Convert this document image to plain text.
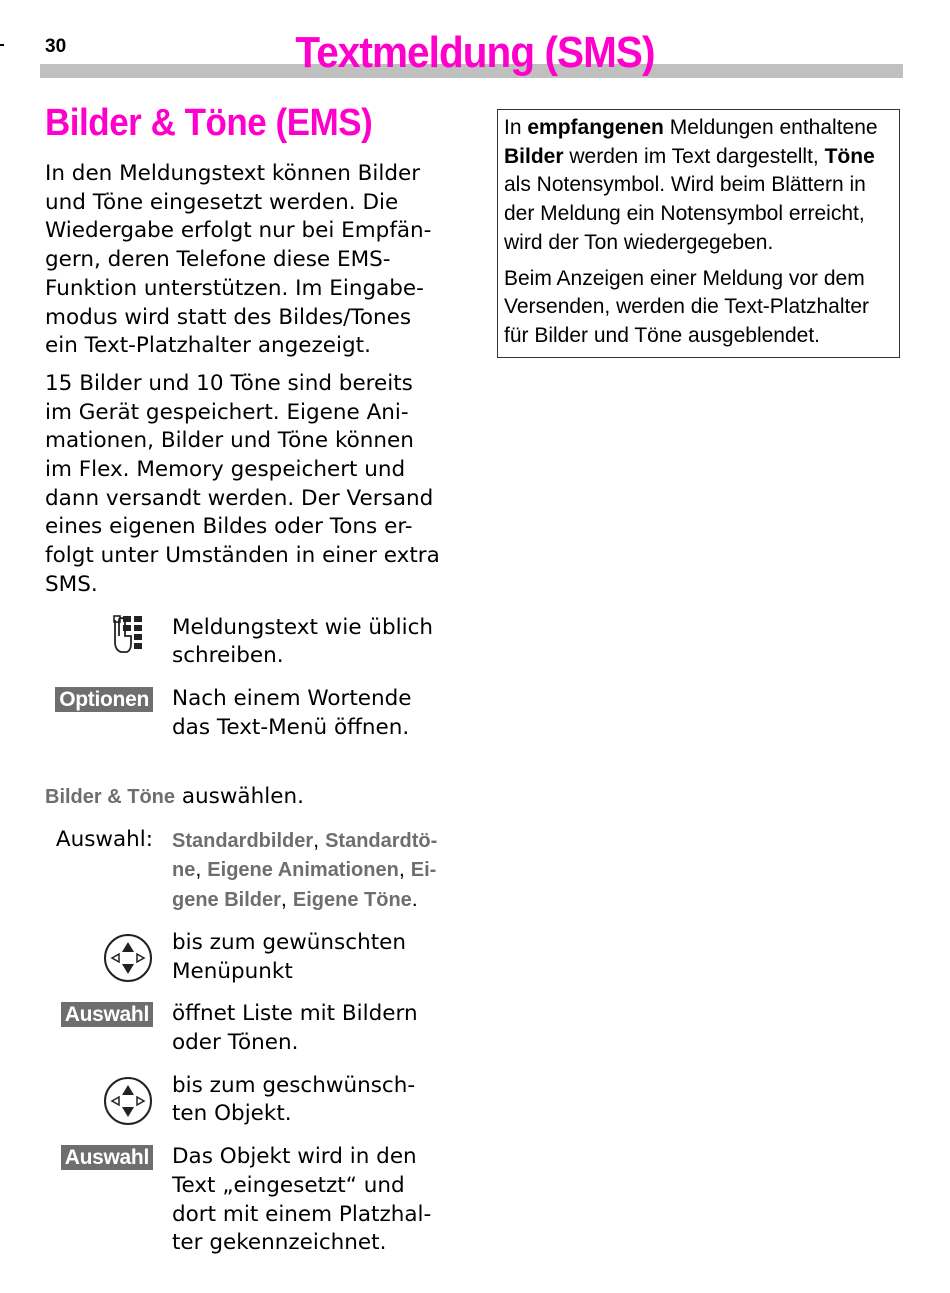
30	Textmeldung (SMS)
Bilder & Töne (EMS)
In den Meldungstext können Bilder
und Töne eingesetzt werden. Die
Wiedergabe erfolgt nur bei Empfän-
gern, deren Telefone diese EMS-
Funktion unterstützen. Im Eingabe-
modus wird statt des Bildes/Tones
ein Text-Platzhalter angezeigt.
15 Bilder und 10 Töne sind bereits
im Gerät gespeichert. Eigene Ani-
mationen, Bilder und Töne können
im Flex. Memory gespeichert und
dann versandt werden. Der Versand
eines eigenen Bildes oder Tons er-
folgt unter Umständen in einer extra
SMS.
Meldungstext wie üblich
schreiben.
Optionen Nach einem Wortende
das Text-Menü öffnen.

Bilder & Töne auswählen.

Auswahl: Standardbilder, Standardtö-
ne, Eigene Animationen, Ei-
gene Bilder, Eigene Töne.
bis zum gewünschten
Menüpunkt
Auswahl öffnet Liste mit Bildern
oder Tönen.
bis zum geschwünsch-
ten Objekt.
Auswahl Das Objekt wird in den
Text „eingesetzt“ und
dort mit einem Platzhal-
ter gekennzeichnet.

In empfangenen Meldungen enthaltene Bilder werden im Text dargestellt, Töne als Notensymbol. Wird beim Blättern in der Meldung ein Notensymbol erreicht, wird der Ton wiedergegeben.

Beim Anzeigen einer Meldung vor dem Versenden, werden die Text-Platzhalter für Bilder und Töne ausgeblendet.
